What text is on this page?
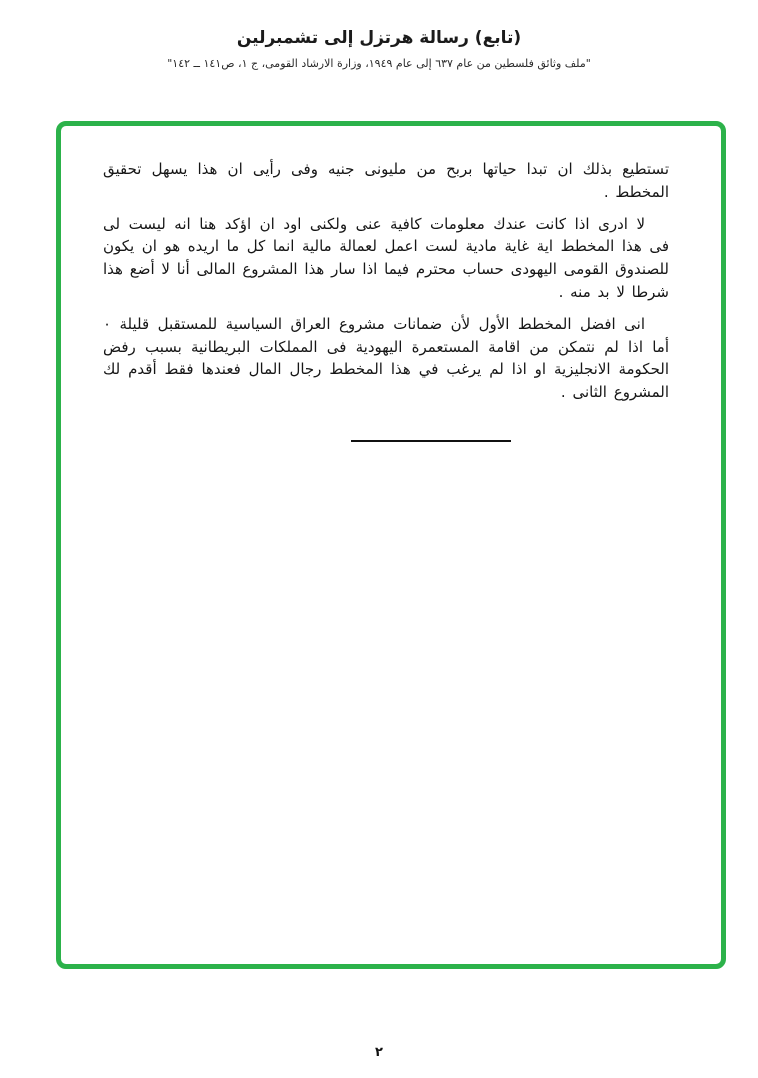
(تابع) رسالة هرتزل إلى تشمبرلين
"ملف وثائق فلسطين من عام ٦٣٧ إلى عام ١٩٤٩، وزارة الارشاد القومى، ج ١، ص١٤١ ــ ١٤٢"

تستطيع بذلك ان تبدا حياتها بربح من مليونى جنيه وفى رأيى ان هذا يسهل تحقيق المخطط .

لا ادرى اذا كانت عندك معلومات كافية عنى ولكنى اود ان اؤكد هنا انه ليست لى فى هذا المخطط اية غاية مادية لست اعمل لعمالة مالية انما كل ما اريده هو ان يكون للصندوق القومى اليهودى حساب محترم فيما اذا سار هذا المشروع المالى أنا لا أضع هذا شرطا لا بد منه .

انى افضل المخطط الأول لأن ضمانات مشروع العراق السياسية للمستقبل قليلة ٠ أما اذا لم نتمكن من اقامة المستعمرة اليهودية فى المملكات البريطانية بسبب رفض الحكومة الانجليزية او اذا لم يرغب في هذا المخطط رجال المال فعندها فقط أقدم لك المشروع الثانى .

٢
